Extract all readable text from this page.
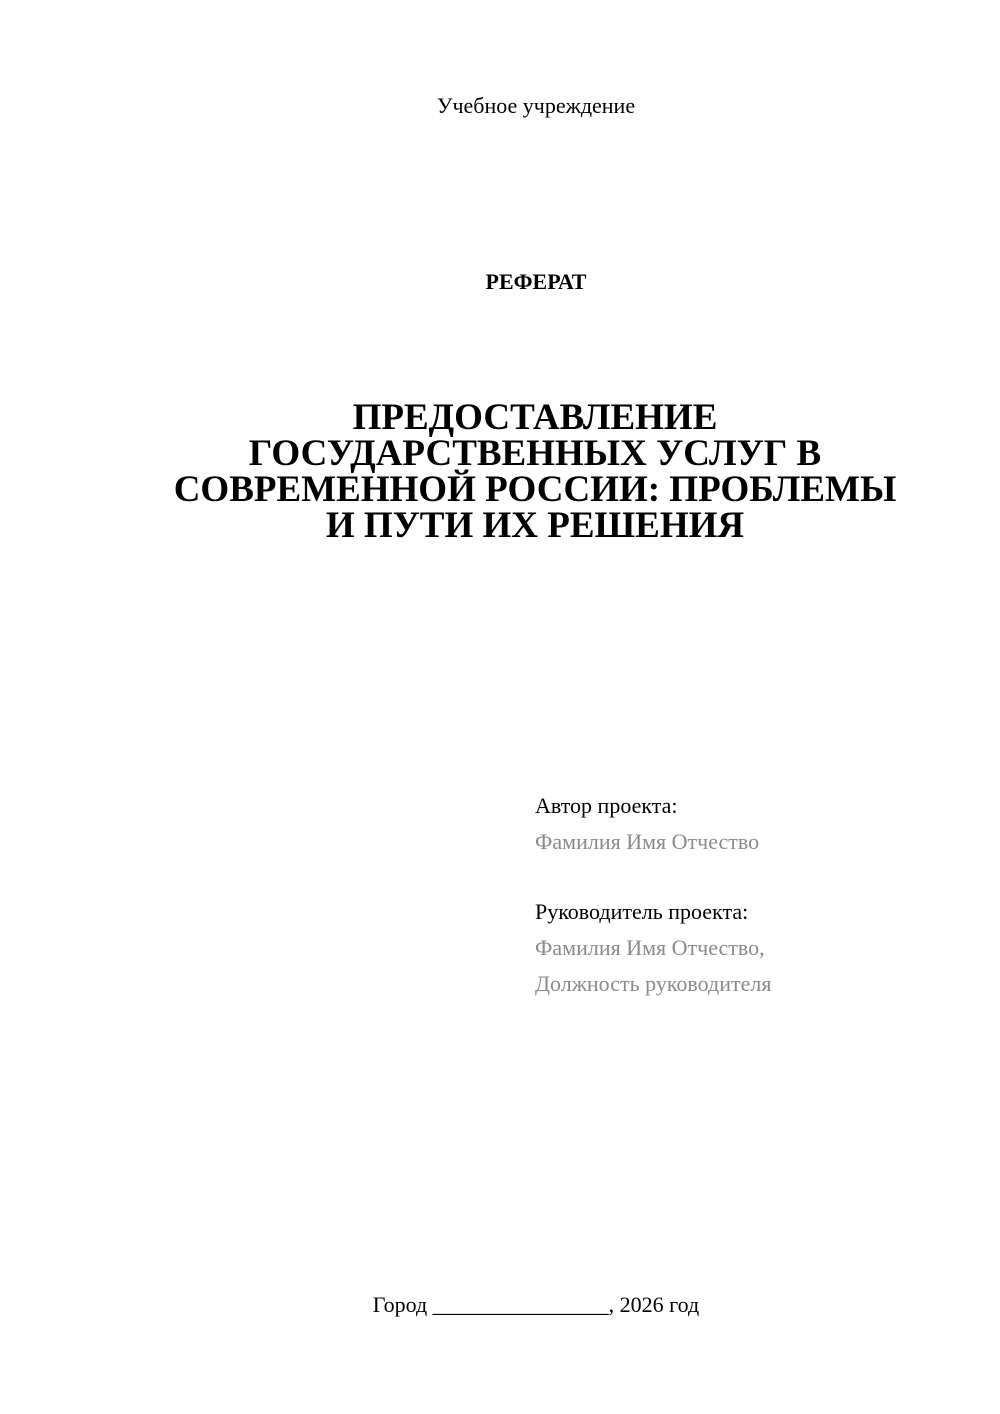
Учебное учреждение
РЕФЕРАТ
ПРЕДОСТАВЛЕНИЕ
ГОСУДАРСТВЕННЫХ УСЛУГ В
СОВРЕМЕННОЙ РОССИИ: ПРОБЛЕМЫ
И ПУТИ ИХ РЕШЕНИЯ
Автор проекта:
Фамилия Имя Отчество
Руководитель проекта:
Фамилия Имя Отчество,
Должность руководителя
Город ________________, 2026 год
